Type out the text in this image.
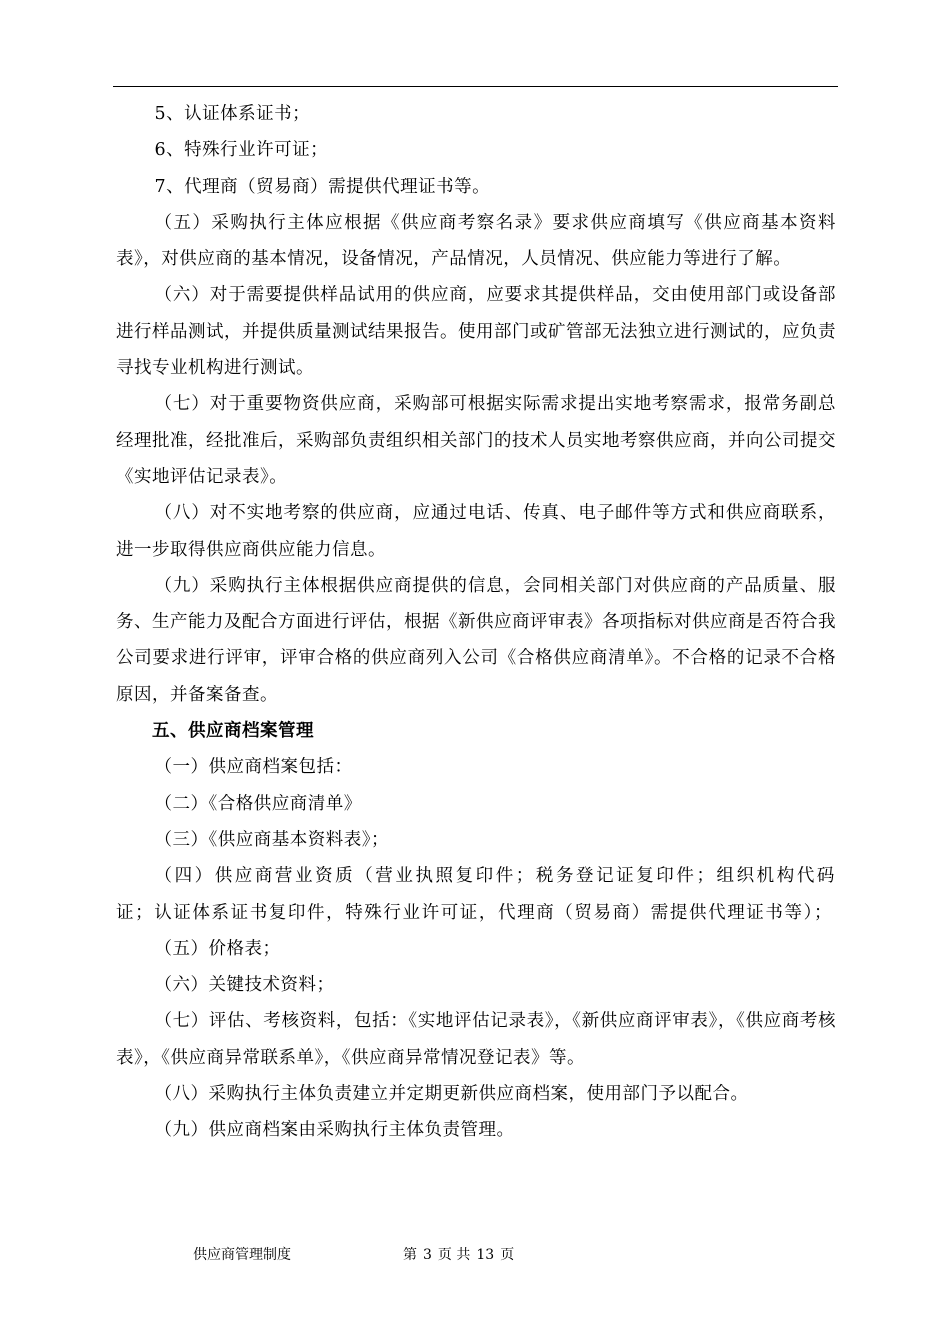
5、认证体系证书；

6、特殊行业许可证；

7、代理商（贸易商）需提供代理证书等。

（五）采购执行主体应根据《供应商考察名录》要求供应商填写《供应商基本资料表》，对供应商的基本情况，设备情况，产品情况，人员情况、供应能力等进行了解。

（六）对于需要提供样品试用的供应商，应要求其提供样品，交由使用部门或设备部进行样品测试，并提供质量测试结果报告。使用部门或矿管部无法独立进行测试的，应负责寻找专业机构进行测试。

（七）对于重要物资供应商，采购部可根据实际需求提出实地考察需求，报常务副总经理批准，经批准后，采购部负责组织相关部门的技术人员实地考察供应商，并向公司提交《实地评估记录表》。

（八）对不实地考察的供应商，应通过电话、传真、电子邮件等方式和供应商联系，进一步取得供应商供应能力信息。

（九）采购执行主体根据供应商提供的信息，会同相关部门对供应商的产品质量、服务、生产能力及配合方面进行评估，根据《新供应商评审表》各项指标对供应商是否符合我公司要求进行评审，评审合格的供应商列入公司《合格供应商清单》。不合格的记录不合格原因，并备案备查。

五、供应商档案管理

（一）供应商档案包括：

（二）《合格供应商清单》

（三）《供应商基本资料表》；

（四）供应商营业资质（营业执照复印件；税务登记证复印件；组织机构代码证；认证体系证书复印件，特殊行业许可证，代理商（贸易商）需提供代理证书等）；

（五）价格表；

（六）关键技术资料；

（七）评估、考核资料，包括：《实地评估记录表》，《新供应商评审表》，《供应商考核表》，《供应商异常联系单》，《供应商异常情况登记表》等。

（八）采购执行主体负责建立并定期更新供应商档案，使用部门予以配合。

（九）供应商档案由采购执行主体负责管理。

供应商管理制度	第 3 页 共 13 页
